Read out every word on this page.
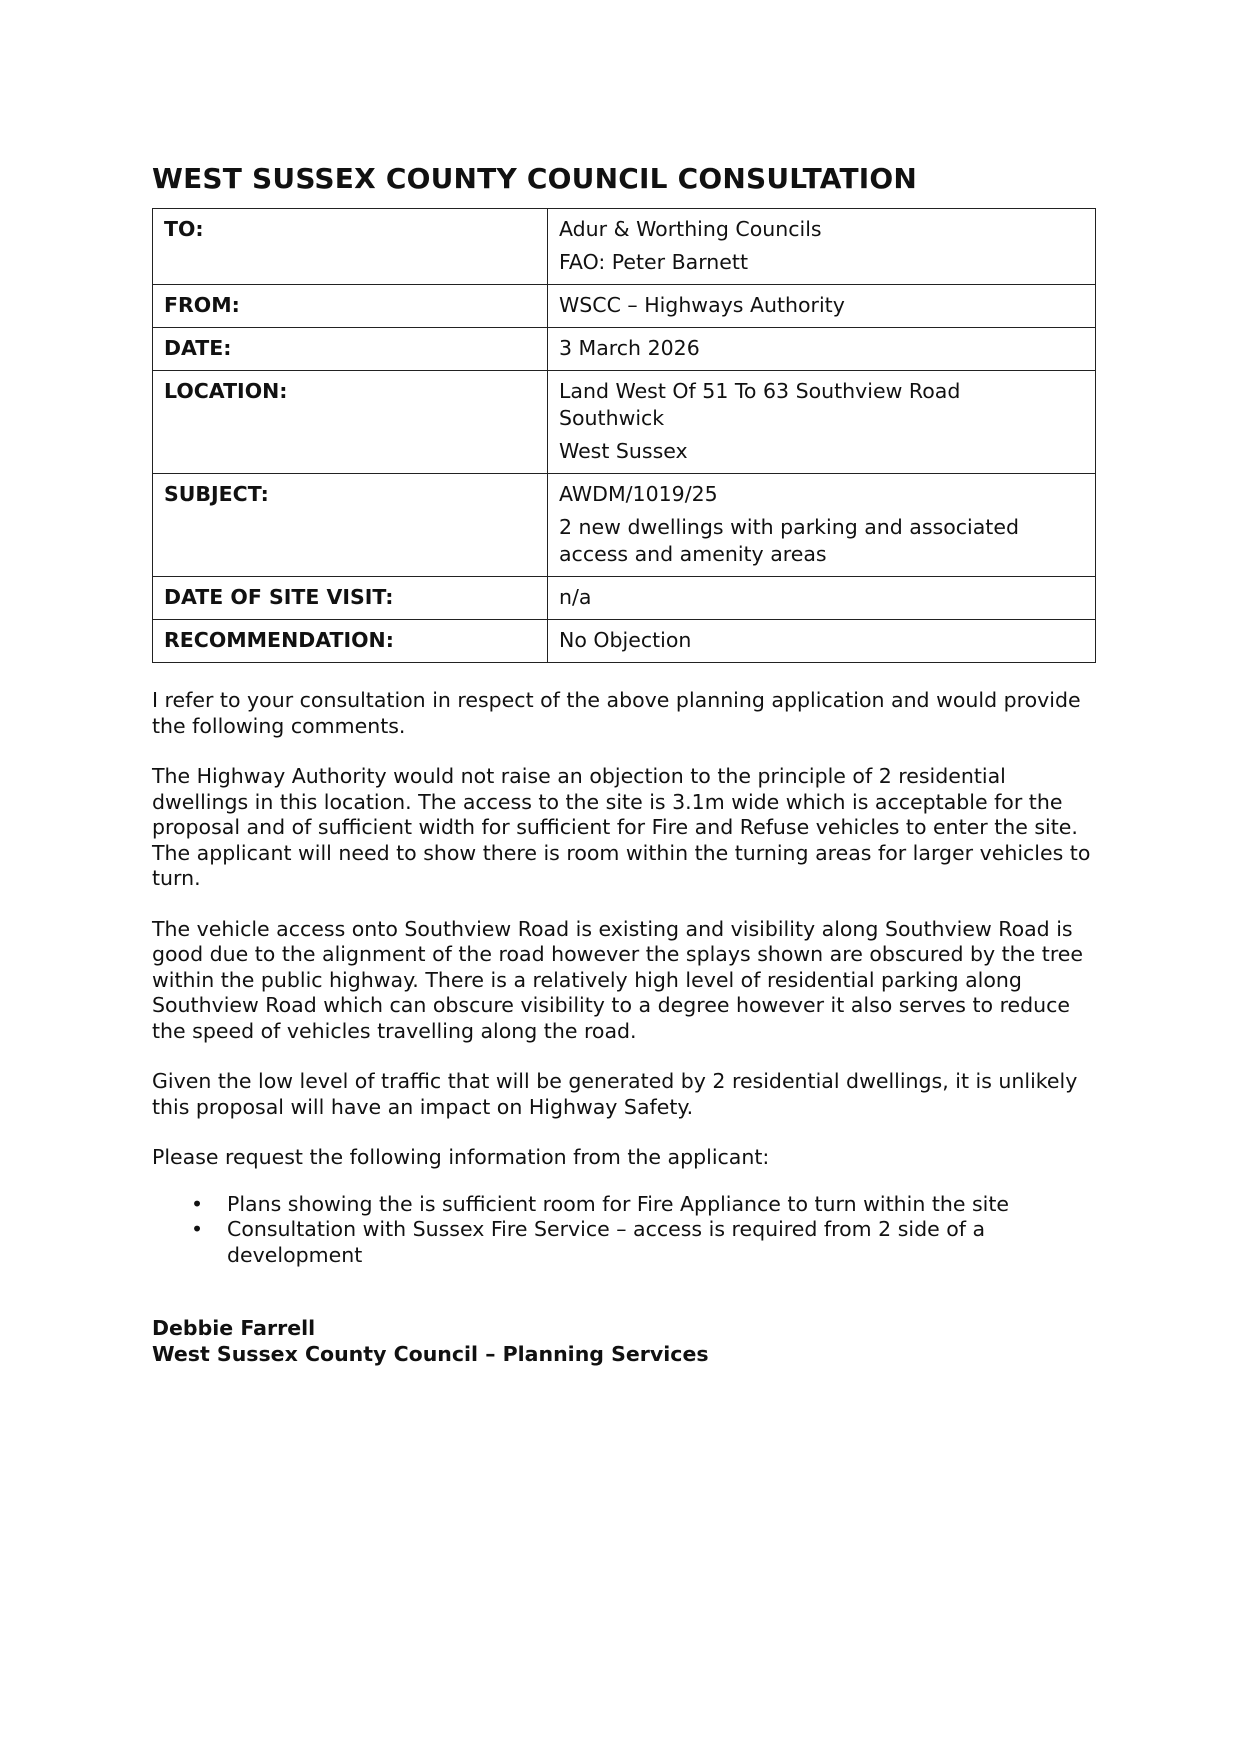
WEST SUSSEX COUNTY COUNCIL CONSULTATION
TO:	Adur & Worthing Councils
FAO: Peter Barnett

FROM:	WSCC – Highways Authority
DATE:	3 March 2026
LOCATION:	Land West Of 51 To 63 Southview Road
Southwick
West Sussex

SUBJECT:	AWDM/1019/25
2 new dwellings with parking and associated access and amenity areas

DATE OF SITE VISIT:	n/a
RECOMMENDATION:	No Objection

I refer to your consultation in respect of the above planning application and would provide the following comments.

The Highway Authority would not raise an objection to the principle of 2 residential dwellings in this location. The access to the site is 3.1m wide which is acceptable for the proposal and of sufficient width for sufficient for Fire and Refuse vehicles to enter the site. The applicant will need to show there is room within the turning areas for larger vehicles to turn.

The vehicle access onto Southview Road is existing and visibility along Southview Road is good due to the alignment of the road however the splays shown are obscured by the tree within the public highway. There is a relatively high level of residential parking along Southview Road which can obscure visibility to a degree however it also serves to reduce the speed of vehicles travelling along the road.

Given the low level of traffic that will be generated by 2 residential dwellings, it is unlikely this proposal will have an impact on Highway Safety.

Please request the following information from the applicant:

• Plans showing the is sufficient room for Fire Appliance to turn within the site
• Consultation with Sussex Fire Service – access is required from 2 side of a development
Debbie Farrell
West Sussex County Council – Planning Services
